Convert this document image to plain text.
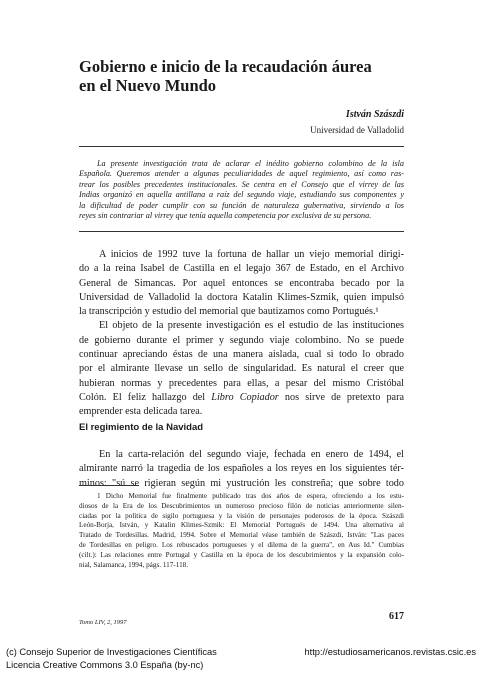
Gobierno e inicio de la recaudación áurea
en el Nuevo Mundo
István Szászdi
Universidad de Valladolid
La presente investigación trata de aclarar el inédito gobierno colombino de la isla
Española. Queremos atender a algunas peculiaridades de aquel regimiento, así como ras-
trear los posibles precedentes institucionales. Se centra en el Consejo que el virrey de las
Indias organizó en aquella antillana a raíz del segundo viaje, estudiando sus componentes y
la dificultad de poder cumplir con su función de naturaleza gubernativa, sirviendo a los
reyes sin contrariar al virrey que tenía aquella competencia por exclusiva de su persona.
A inicios de 1992 tuve la fortuna de hallar un viejo memorial dirigi-
do a la reina Isabel de Castilla en el legajo 367 de Estado, en el Archivo
General de Simancas. Por aquel entonces se encontraba becado por la
Universidad de Valladolid la doctora Katalin Klimes-Szmik, quien impulsó
la transcripción y estudio del memorial que bautizamos como Portugués.¹
El objeto de la presente investigación es el estudio de las instituciones
de gobierno durante el primer y segundo viaje colombino. No se puede
continuar apreciando éstas de una manera aislada, cual si todo lo obrado
por el almirante llevase un sello de singularidad. Es natural el creer que
hubieran normas y precedentes para ellas, a pesar del mismo Cristóbal
Colón. El feliz hallazgo del Libro Copiador nos sirve de pretexto para
emprender esta delicada tarea.
El regimiento de la Navidad
En la carta-relación del segundo viaje, fechada en enero de 1494, el
almirante narró la tragedia de los españoles a los reyes en los siguientes tér-
minos: "sú se rigieran según mi yustrución les constreña; que sobre todo
1 Dicho Memorial fue finalmente publicado tras dos años de espera, ofreciendo a los estu-
diosos de la Era de los Descubrimientos un numeroso precioso filón de noticias anteriormente silen-
ciadas por la política de sigilo portuguesa y la visión de personajes poderosos de la época. Szászdi
León-Borja, István, y Katalin Klimes-Szmik: El Memorial Portugués de 1494. Una alternativa al
Tratado de Tordesillas. Madrid, 1994. Sobre el Memorial véase también de Szászdi, István: "Las paces
de Tordesillas en peligro. Los rebuscados portugueses y el dilema de la guerra", en Aus Id." Cumbias
(cilt.): Las relaciones entre Portugal y Castilla en la época de los descubrimientos y la expansión colo-
nial, Salamanca, 1994, págs. 117-118.
Tomo LIV, 2, 1997
617
(c) Consejo Superior de Investigaciones Científicas
Licencia Creative Commons 3.0 España (by-nc)
http://estudiosamericanos.revistas.csic.es
